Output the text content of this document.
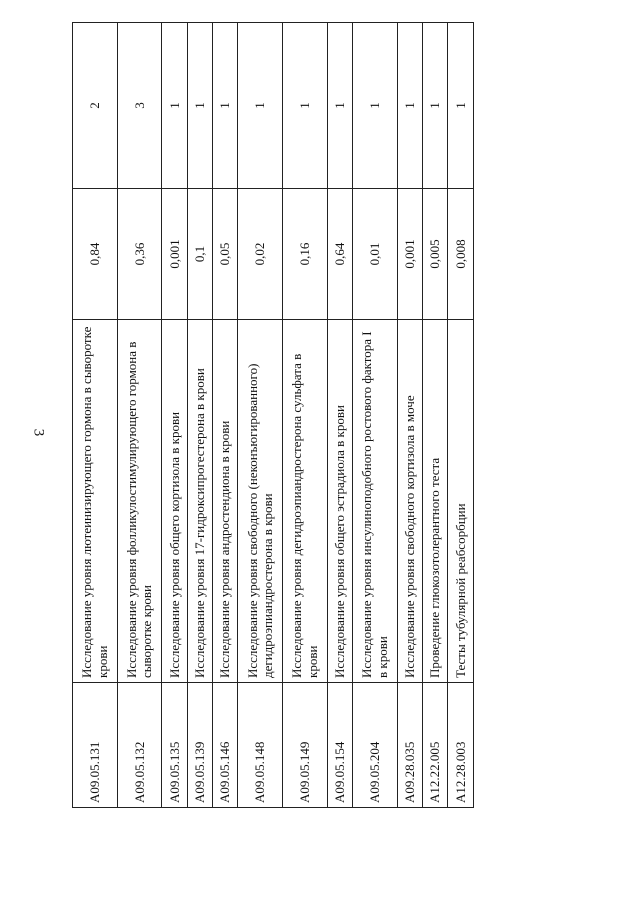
3
A09.05.131	Исследование уровня лютеинизирующего гормона в сыворотке крови	0,84	2
A09.05.132	Исследование уровня фолликулостимулирующего гормона в сыворотке крови	0,36	3
A09.05.135	Исследование уровня общего кортизола в крови	0,001	1
A09.05.139	Исследование уровня 17-гидроксипрогестерона в крови	0,1	1
A09.05.146	Исследование уровня андростендиона в крови	0,05	1
A09.05.148	Исследование уровня свободного (неконъюгированного) дегидроэпиандростерона в крови	0,02	1
A09.05.149	Исследование уровня дегидроэпиандростерона сульфата в крови	0,16	1
A09.05.154	Исследование уровня общего эстрадиола в крови	0,64	1
A09.05.204	Исследование уровня инсулиноподобного ростового фактора I в крови	0,01	1
A09.28.035	Исследование уровня свободного кортизола в моче	0,001	1
A12.22.005	Проведение глюкозотолерантного теста	0,005	1
A12.28.003	Тесты тубулярной реабсорбции	0,008	1
